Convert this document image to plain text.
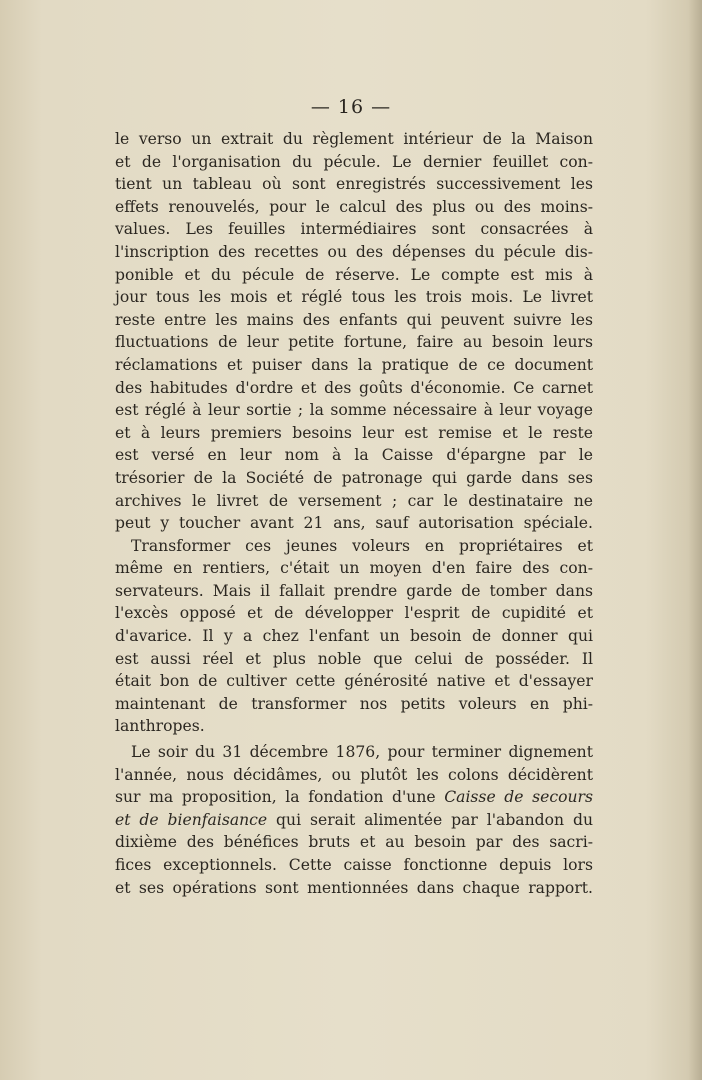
— 16 —
le verso un extrait du règlement intérieur de la Maison
et de l'organisation du pécule. Le dernier feuillet con-
tient un tableau où sont enregistrés successivement les
effets renouvelés, pour le calcul des plus ou des moins-
values. Les feuilles intermédiaires sont consacrées à
l'inscription des recettes ou des dépenses du pécule dis-
ponible et du pécule de réserve. Le compte est mis à
jour tous les mois et réglé tous les trois mois. Le livret
reste entre les mains des enfants qui peuvent suivre les
fluctuations de leur petite fortune, faire au besoin leurs
réclamations et puiser dans la pratique de ce document
des habitudes d'ordre et des goûts d'économie. Ce carnet
est réglé à leur sortie ; la somme nécessaire à leur voyage
et à leurs premiers besoins leur est remise et le reste
est versé en leur nom à la Caisse d'épargne par le
trésorier de la Société de patronage qui garde dans ses
archives le livret de versement ; car le destinataire ne
peut y toucher avant 21 ans, sauf autorisation spéciale.
Transformer ces jeunes voleurs en propriétaires et
même en rentiers, c'était un moyen d'en faire des con-
servateurs. Mais il fallait prendre garde de tomber dans
l'excès opposé et de développer l'esprit de cupidité et
d'avarice. Il y a chez l'enfant un besoin de donner qui
est aussi réel et plus noble que celui de posséder. Il
était bon de cultiver cette générosité native et d'essayer
maintenant de transformer nos petits voleurs en phi-
lanthropes.
Le soir du 31 décembre 1876, pour terminer dignement
l'année, nous décidâmes, ou plutôt les colons décidèrent
sur ma proposition, la fondation d'une Caisse de secours
et de bienfaisance qui serait alimentée par l'abandon du
dixième des bénéfices bruts et au besoin par des sacri-
fices exceptionnels. Cette caisse fonctionne depuis lors
et ses opérations sont mentionnées dans chaque rapport.
